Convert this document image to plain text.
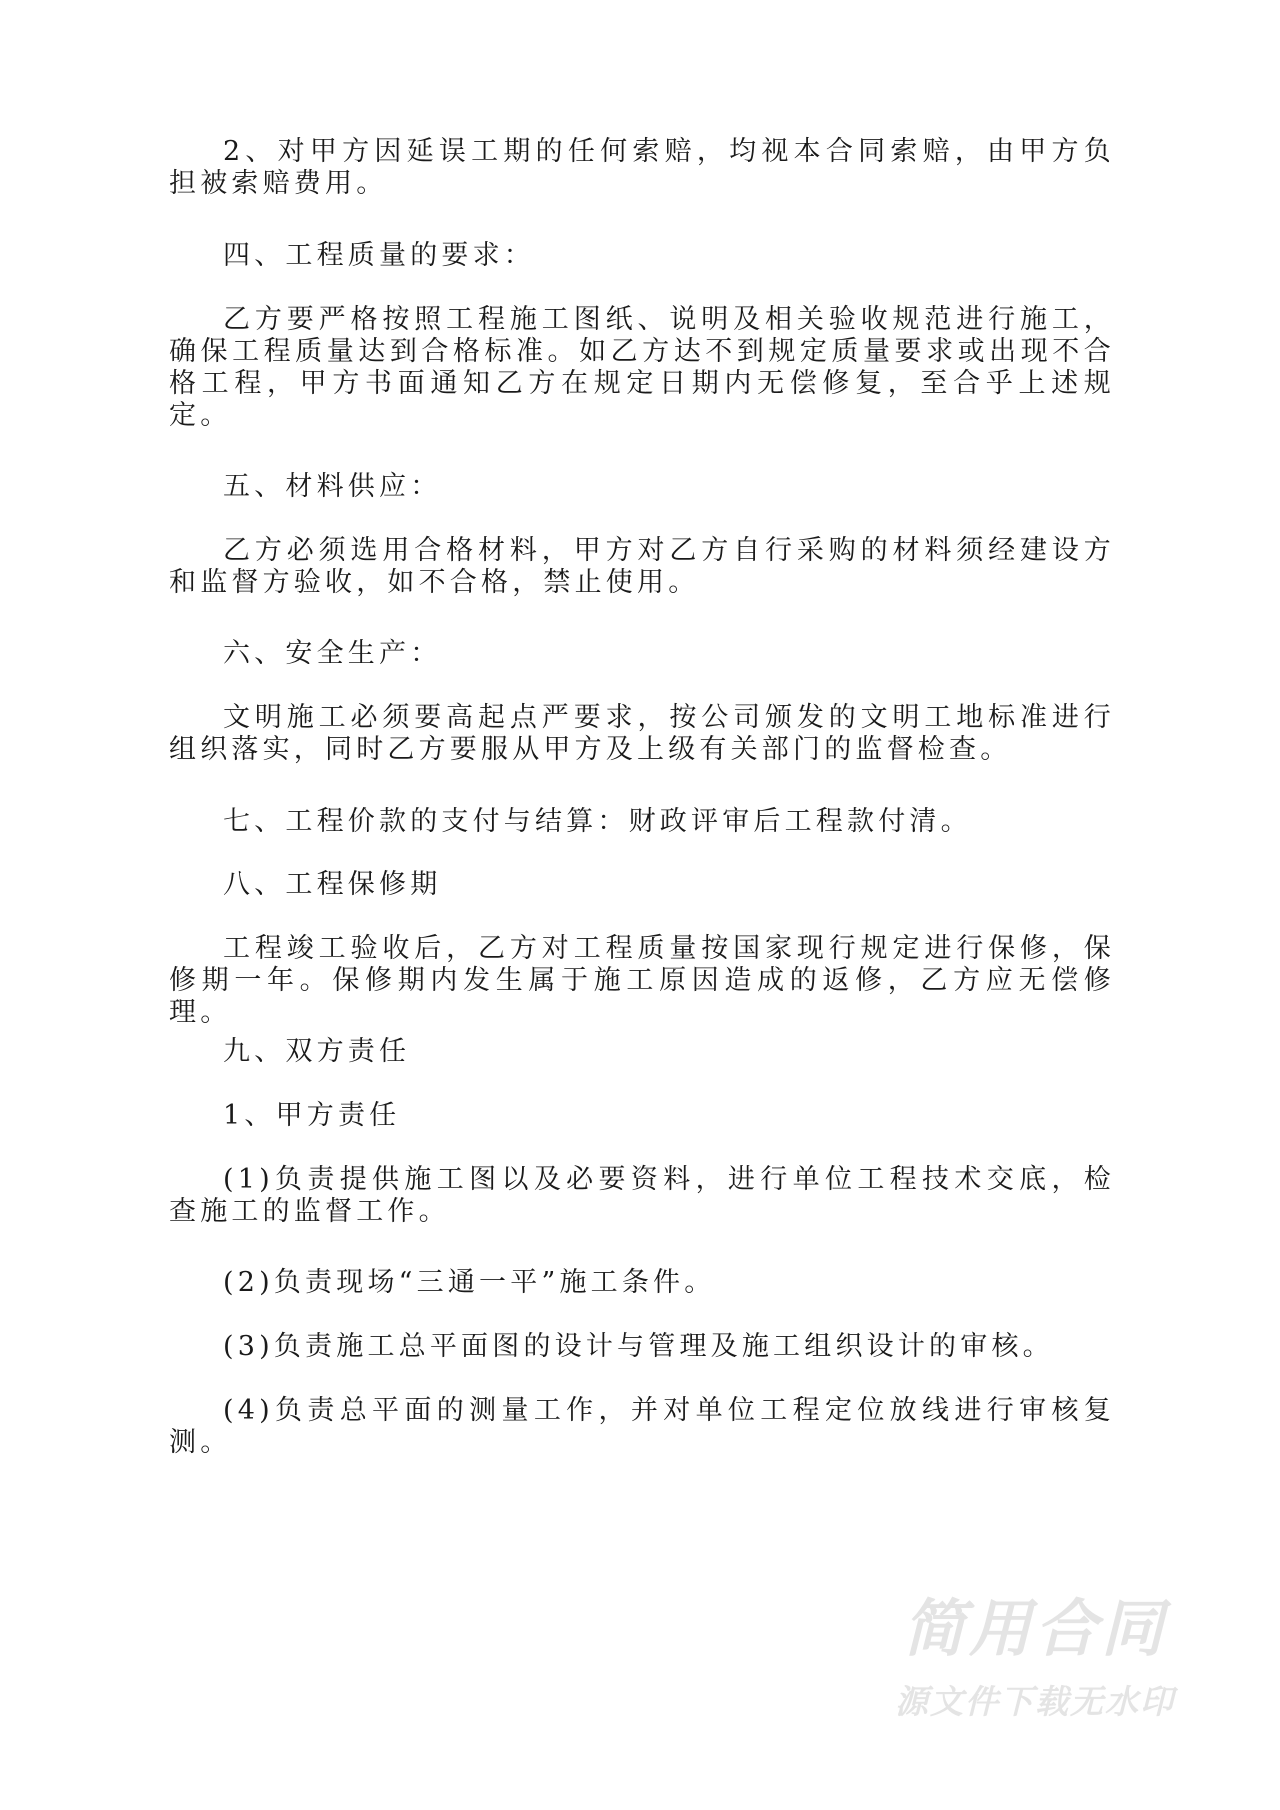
2、对甲方因延误工期的任何索赔，均视本合同索赔，由甲方负担被索赔费用。

四、工程质量的要求：

乙方要严格按照工程施工图纸、说明及相关验收规范进行施工，确保工程质量达到合格标准。如乙方达不到规定质量要求或出现不合格工程，甲方书面通知乙方在规定日期内无偿修复，至合乎上述规定。

五、材料供应：

乙方必须选用合格材料，甲方对乙方自行采购的材料须经建设方和监督方验收，如不合格，禁止使用。

六、安全生产：

文明施工必须要高起点严要求，按公司颁发的文明工地标准进行组织落实，同时乙方要服从甲方及上级有关部门的监督检查。

七、工程价款的支付与结算：财政评审后工程款付清。

八、工程保修期

工程竣工验收后，乙方对工程质量按国家现行规定进行保修，保修期一年。保修期内发生属于施工原因造成的返修，乙方应无偿修理。

九、双方责任

1、甲方责任

(1)负责提供施工图以及必要资料，进行单位工程技术交底，检查施工的监督工作。

(2)负责现场“三通一平”施工条件。

(3)负责施工总平面图的设计与管理及施工组织设计的审核。

(4)负责总平面的测量工作，并对单位工程定位放线进行审核复测。

简用合同
源文件下载无水印
